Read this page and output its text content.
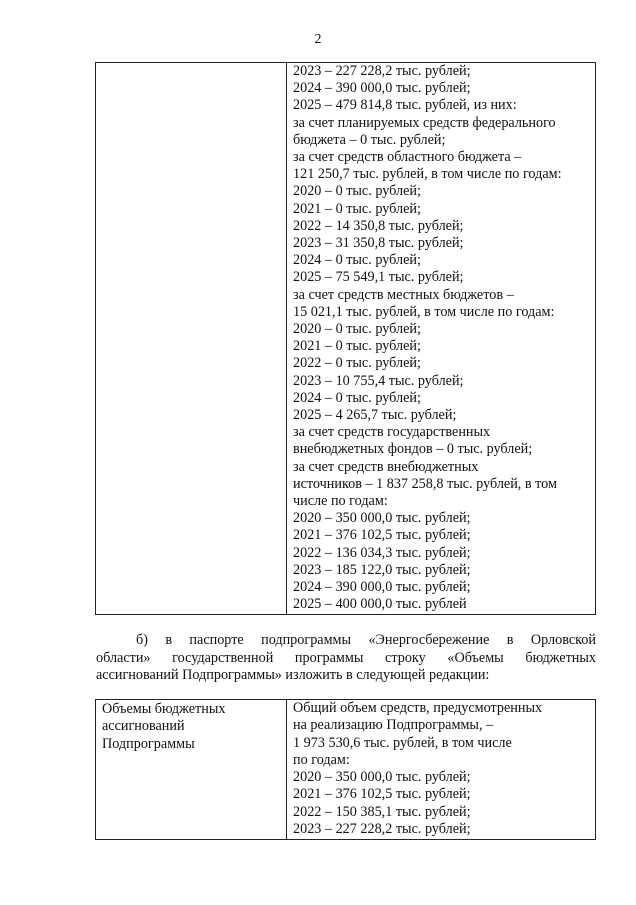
2
2023 – 227 228,2 тыс. рублей;
2024 – 390 000,0 тыс. рублей;
2025 – 479 814,8 тыс. рублей, из них:
за счет планируемых средств федерального
бюджета – 0 тыс. рублей;
за счет средств областного бюджета –
121 250,7 тыс. рублей, в том числе по годам:
2020 – 0 тыс. рублей;
2021 – 0 тыс. рублей;
2022 – 14 350,8 тыс. рублей;
2023 – 31 350,8 тыс. рублей;
2024 – 0 тыс. рублей;
2025 – 75 549,1 тыс. рублей;
за счет средств местных бюджетов –
15 021,1 тыс. рублей, в том числе по годам:
2020 – 0 тыс. рублей;
2021 – 0 тыс. рублей;
2022 – 0 тыс. рублей;
2023 – 10 755,4 тыс. рублей;
2024 – 0 тыс. рублей;
2025 – 4 265,7 тыс. рублей;
за счет средств государственных
внебюджетных фондов – 0 тыс. рублей;
за счет средств внебюджетных
источников – 1 837 258,8 тыс. рублей, в том
числе по годам:
2020 – 350 000,0 тыс. рублей;
2021 – 376 102,5 тыс. рублей;
2022 – 136 034,3 тыс. рублей;
2023 – 185 122,0 тыс. рублей;
2024 – 390 000,0 тыс. рублей;
2025 – 400 000,0 тыс. рублей
б) в паспорте подпрограммы «Энергосбережение в Орловской
области» государственной программы строку «Объемы бюджетных
ассигнований Подпрограммы» изложить в следующей редакции:
Объемы бюджетных
ассигнований
Подпрограммы
Общий объем средств, предусмотренных
на реализацию Подпрограммы, –
1 973 530,6 тыс. рублей, в том числе
по годам:
2020 – 350 000,0 тыс. рублей;
2021 – 376 102,5 тыс. рублей;
2022 – 150 385,1 тыс. рублей;
2023 – 227 228,2 тыс. рублей;
